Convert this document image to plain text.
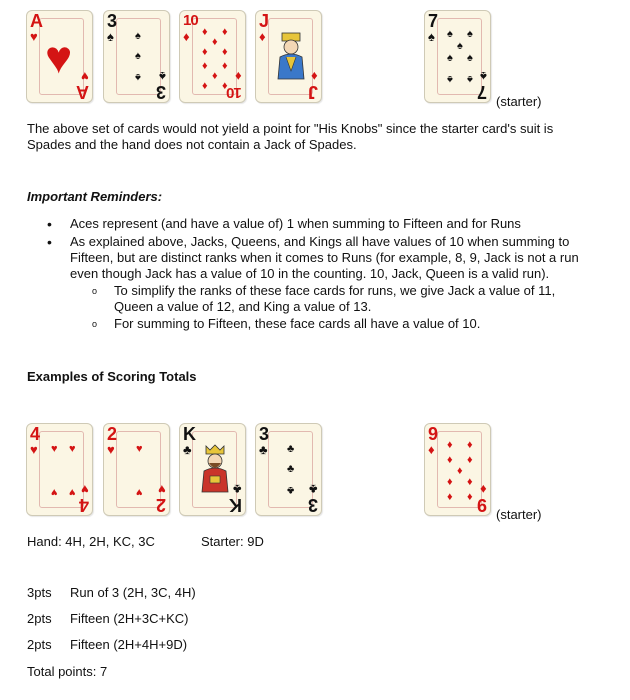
A
♥ ♥ ♥
A
3
♠ ♠
♠
♠ ♠
3
10
♦ ♦ ♦
♦
♦ ♦
♦ ♦
♦
♦ ♦
♦
10
J
♦
♦
J
7
♠ ♠ ♠
♠
♠ ♠
♠ ♠ ♠
7 (starter)
The above set of cards would not yield a point for "His Knobs" since the starter card's suit is Spades and the hand does not contain a Jack of Spades.
Important Reminders:
• Aces represent (and have a value of) 1 when summing to Fifteen and for Runs
• As explained above, Jacks, Queens, and Kings all have values of 10 when summing to Fifteen, but are distinct ranks when it comes to Runs (for example, 8, 9, Jack is not a run even though Jack has a value of 10 in the counting. 10, Jack, Queen is a valid run).
o To simplify the ranks of these face cards for runs, we give Jack a value of 11, Queen a value of 12, and King a value of 13.
o For summing to Fifteen, these face cards all have a value of 10.
Examples of Scoring Totals
4
♥ ♥ ♥
♥ ♥ ♥
4
2
♥ ♥
♥ ♥
2
K
♣
♣
K
3
♣ ♣
♣
♣ ♣
3
9
♦ ♦ ♦
♦ ♦
♦
♦ ♦
♦ ♦ ♦
9 (starter)
Hand: 4H, 2H, KC, 3C	Starter: 9D
3pts Run of 3 (2H, 3C, 4H)
2pts Fifteen (2H+3C+KC)
2pts Fifteen (2H+4H+9D)
Total points: 7
